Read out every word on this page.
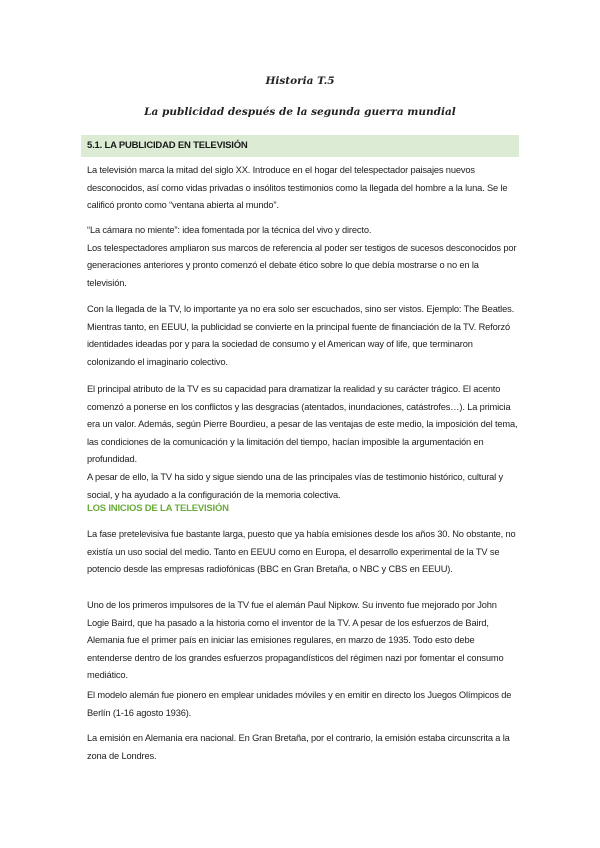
Historia T.5
La publicidad después de la segunda guerra mundial
5.1. LA PUBLICIDAD EN TELEVISIÓN

La televisión marca la mitad del siglo XX. Introduce en el hogar del telespectador paisajes nuevos desconocidos, así como vidas privadas o insólitos testimonios como la llegada del hombre a la luna. Se le calificó pronto como “ventana abierta al mundo”.

“La cámara no miente”: idea fomentada por la técnica del vivo y directo.

Los telespectadores ampliaron sus marcos de referencia al poder ser testigos de sucesos desconocidos por generaciones anteriores y pronto comenzó el debate ético sobre lo que debía mostrarse o no en la televisión.

Con la llegada de la TV, lo importante ya no era solo ser escuchados, sino ser vistos. Ejemplo: The Beatles. Mientras tanto, en EEUU, la publicidad se convierte en la principal fuente de financiación de la TV. Reforzó identidades ideadas por y para la sociedad de consumo y el American way of life, que terminaron colonizando el imaginario colectivo.

El principal atributo de la TV es su capacidad para dramatizar la realidad y su carácter trágico. El acento comenzó a ponerse en los conflictos y las desgracias (atentados, inundaciones, catástrofes…). La primicia era un valor. Además, según Pierre Bourdieu, a pesar de las ventajas de este medio, la imposición del tema, las condiciones de la comunicación y la limitación del tiempo, hacían imposible la argumentación en profundidad.

A pesar de ello, la TV ha sido y sigue siendo una de las principales vías de testimonio histórico, cultural y social, y ha ayudado a la configuración de la memoria colectiva.

LOS INICIOS DE LA TELEVISIÓN

La fase pretelevisiva fue bastante larga, puesto que ya había emisiones desde los años 30. No obstante, no existía un uso social del medio. Tanto en EEUU como en Europa, el desarrollo experimental de la TV se potencio desde las empresas radiofónicas (BBC en Gran Bretaña, o NBC y CBS en EEUU).

Uno de los primeros impulsores de la TV fue el alemán Paul Nipkow. Su invento fue mejorado por John Logie Baird, que ha pasado a la historia como el inventor de la TV. A pesar de los esfuerzos de Baird, Alemania fue el primer país en iniciar las emisiones regulares, en marzo de 1935. Todo esto debe entenderse dentro de los grandes esfuerzos propagandísticos del régimen nazi por fomentar el consumo mediático.

El modelo alemán fue pionero en emplear unidades móviles y en emitir en directo los Juegos Olímpicos de Berlín (1-16 agosto 1936).

La emisión en Alemania era nacional. En Gran Bretaña, por el contrario, la emisión estaba circunscrita a la zona de Londres.
